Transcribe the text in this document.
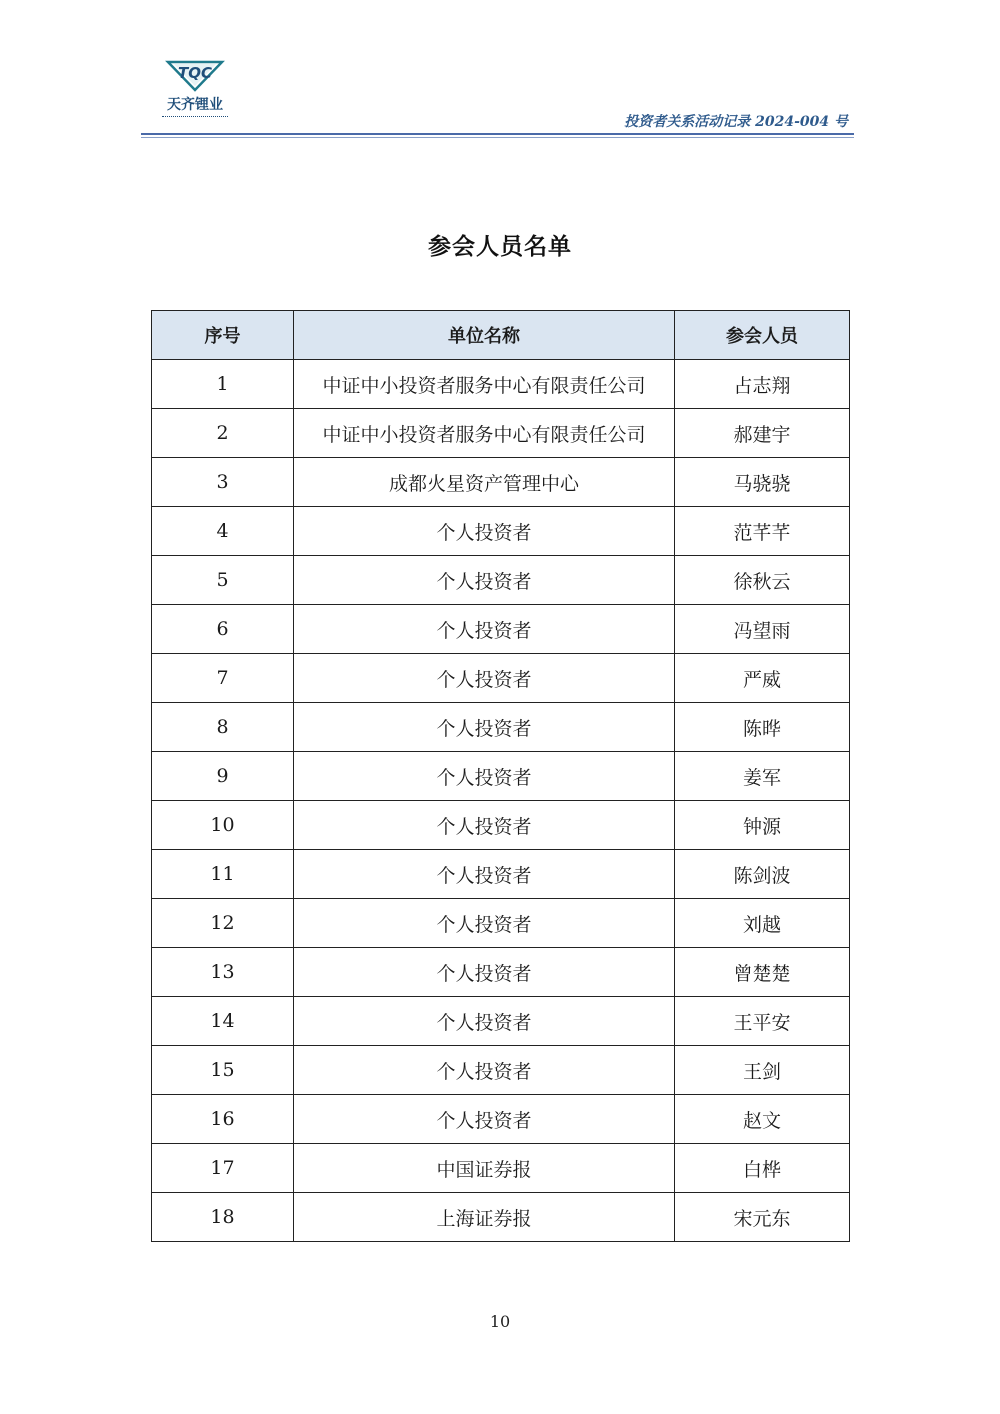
TQC
天齐锂业
投资者关系活动记录 2024-004 号
参会人员名单
序号	单位名称	参会人员
1	中证中小投资者服务中心有限责任公司	占志翔
2	中证中小投资者服务中心有限责任公司	郝建宇
3	成都火星资产管理中心	马骁骁
4	个人投资者	范芊芊
5	个人投资者	徐秋云
6	个人投资者	冯望雨
7	个人投资者	严威
8	个人投资者	陈晔
9	个人投资者	姜军
10	个人投资者	钟源
11	个人投资者	陈剑波
12	个人投资者	刘越
13	个人投资者	曾楚楚
14	个人投资者	王平安
15	个人投资者	王剑
16	个人投资者	赵文
17	中国证券报	白桦
18	上海证券报	宋元东
10
